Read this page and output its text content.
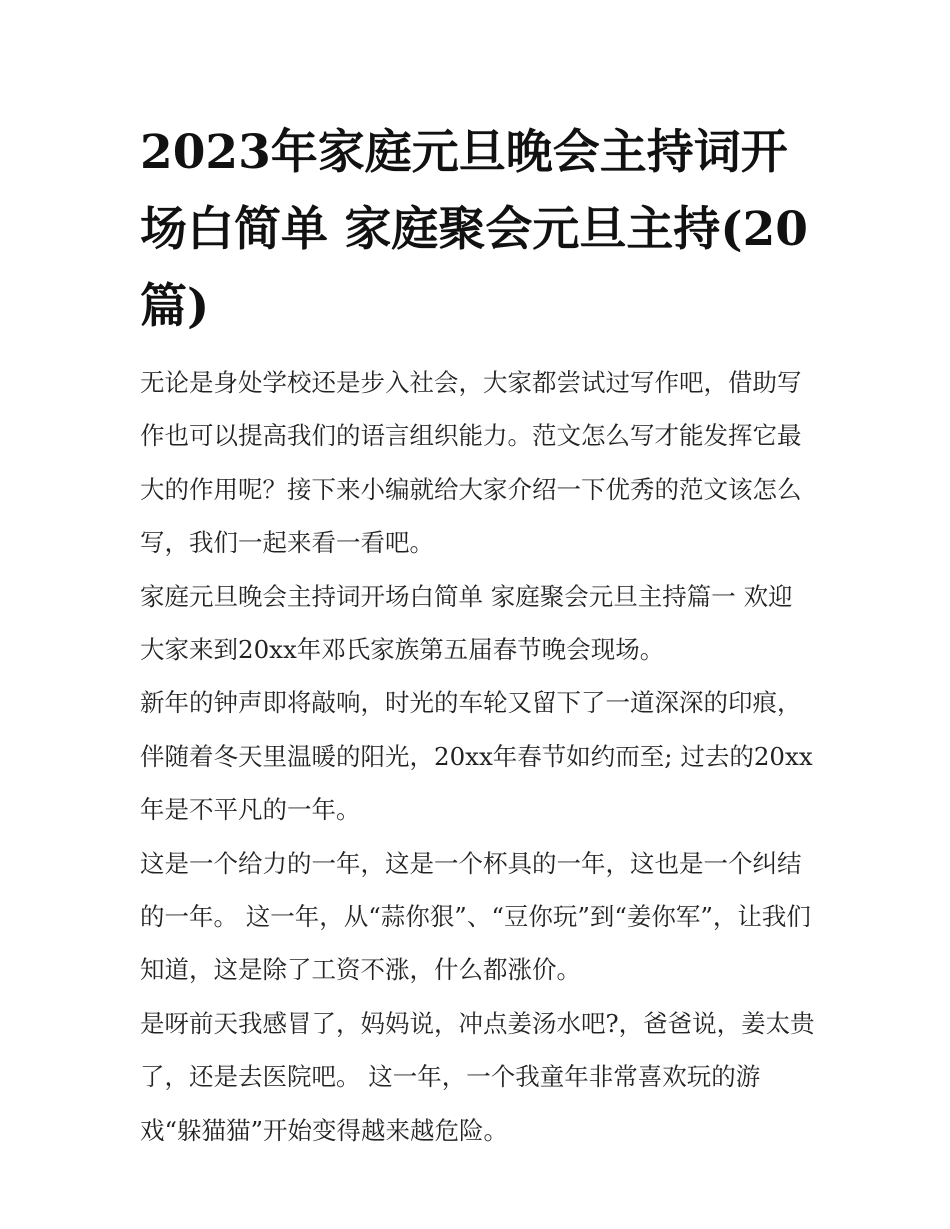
2023年家庭元旦晚会主持词开场白简单 家庭聚会元旦主持(20篇)

无论是身处学校还是步入社会，大家都尝试过写作吧，借助写作也可以提高我们的语言组织能力。范文怎么写才能发挥它最大的作用呢？接下来小编就给大家介绍一下优秀的范文该怎么写，我们一起来看一看吧。

家庭元旦晚会主持词开场白简单 家庭聚会元旦主持篇一 欢迎大家来到20xx年邓氏家族第五届春节晚会现场。

新年的钟声即将敲响，时光的车轮又留下了一道深深的印痕，伴随着冬天里温暖的阳光，20xx年春节如约而至; 过去的20xx年是不平凡的一年。

这是一个给力的一年，这是一个杯具的一年，这也是一个纠结的一年。 这一年，从“蒜你狠”、“豆你玩”到“姜你军”，让我们知道，这是除了工资不涨，什么都涨价。

是呀前天我感冒了，妈妈说，冲点姜汤水吧?，爸爸说，姜太贵了，还是去医院吧。 这一年，一个我童年非常喜欢玩的游戏“躲猫猫”开始变得越来越危险。
